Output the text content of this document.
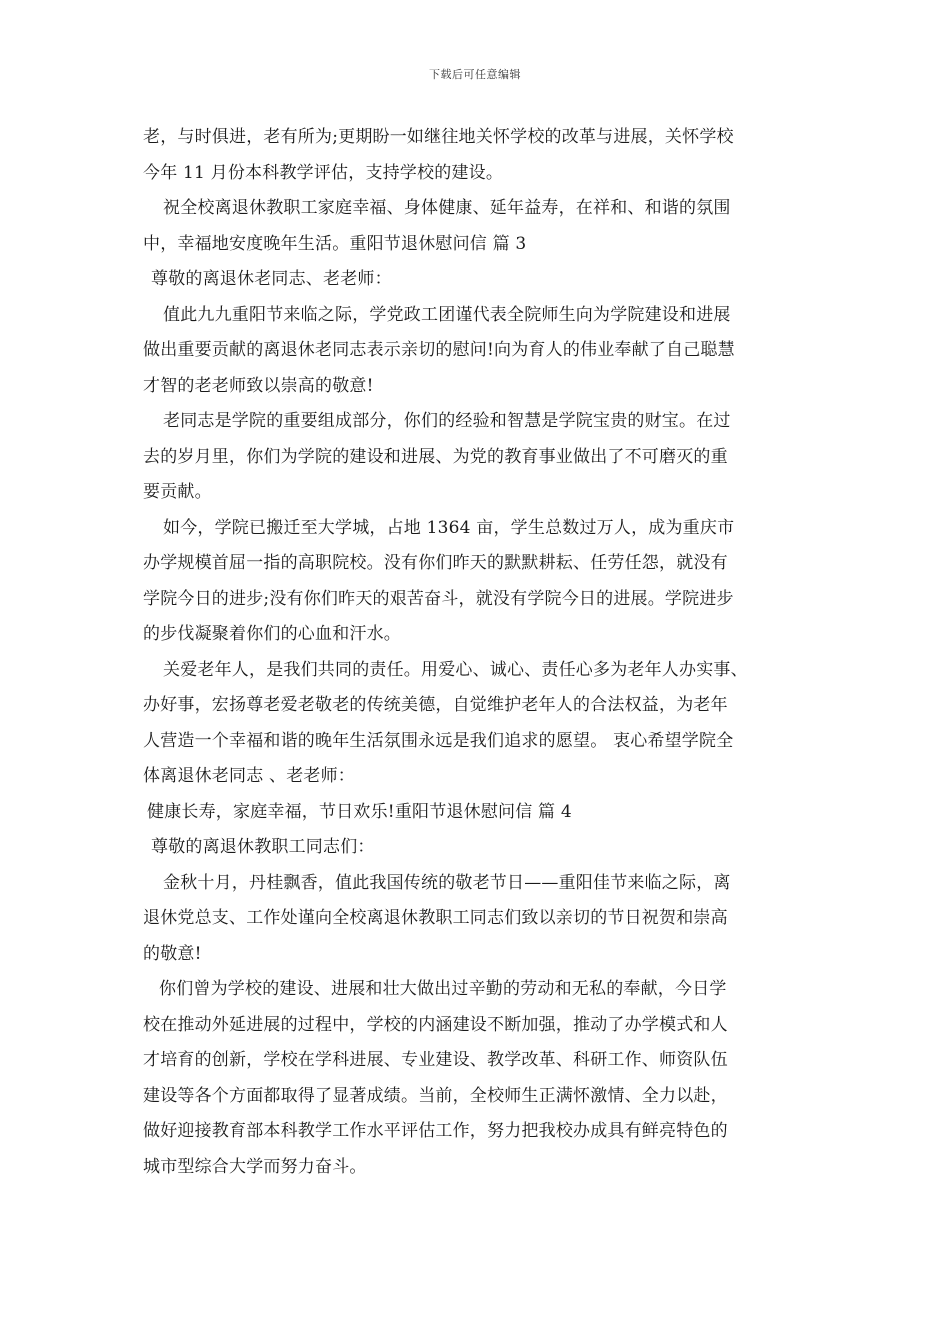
下载后可任意编辑
老，与时俱进，老有所为;更期盼一如继往地关怀学校的改革与进展，关怀学校
今年 11 月份本科教学评估，支持学校的建设。
祝全校离退休教职工家庭幸福、身体健康、延年益寿，在祥和、和谐的氛围
中，幸福地安度晚年生活。重阳节退休慰问信 篇 3
尊敬的离退休老同志、老老师：
值此九九重阳节来临之际，学党政工团谨代表全院师生向为学院建设和进展
做出重要贡献的离退休老同志表示亲切的慰问!向为育人的伟业奉献了自己聪慧
才智的老老师致以崇高的敬意!
老同志是学院的重要组成部分，你们的经验和智慧是学院宝贵的财宝。在过
去的岁月里，你们为学院的建设和进展、为党的教育事业做出了不可磨灭的重
要贡献。
如今，学院已搬迁至大学城，占地 1364 亩，学生总数过万人，成为重庆市
办学规模首屈一指的高职院校。没有你们昨天的默默耕耘、任劳任怨，就没有
学院今日的进步;没有你们昨天的艰苦奋斗，就没有学院今日的进展。学院进步
的步伐凝聚着你们的心血和汗水。
关爱老年人，是我们共同的责任。用爱心、诚心、责任心多为老年人办实事、
办好事，宏扬尊老爱老敬老的传统美德，自觉维护老年人的合法权益，为老年
人营造一个幸福和谐的晚年生活氛围永远是我们追求的愿望。 衷心希望学院全
体离退休老同志 、老老师：
健康长寿，家庭幸福，节日欢乐!重阳节退休慰问信 篇 4
尊敬的离退休教职工同志们：
金秋十月，丹桂飘香，值此我国传统的敬老节日——重阳佳节来临之际，离
退休党总支、工作处谨向全校离退休教职工同志们致以亲切的节日祝贺和崇高
的敬意!
你们曾为学校的建设、进展和壮大做出过辛勤的劳动和无私的奉献，今日学
校在推动外延进展的过程中，学校的内涵建设不断加强，推动了办学模式和人
才培育的创新，学校在学科进展、专业建设、教学改革、科研工作、师资队伍
建设等各个方面都取得了显著成绩。当前，全校师生正满怀激情、全力以赴，
做好迎接教育部本科教学工作水平评估工作，努力把我校办成具有鲜亮特色的
城市型综合大学而努力奋斗。
